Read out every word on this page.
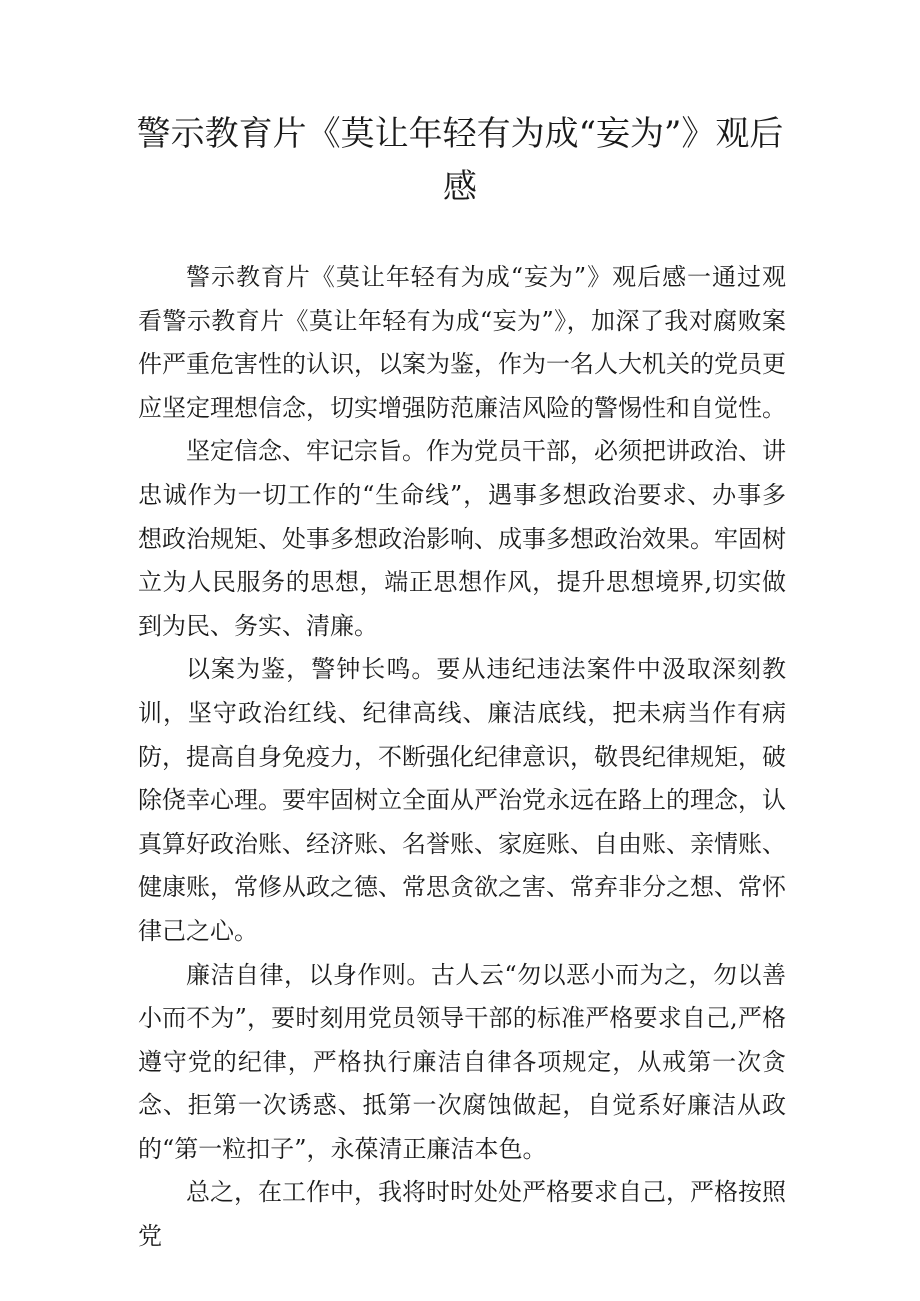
警示教育片《莫让年轻有为成“妄为”》观后感

警示教育片《莫让年轻有为成“妄为”》观后感一通过观看警示教育片《莫让年轻有为成“妄为”》，加深了我对腐败案件严重危害性的认识，以案为鉴，作为一名人大机关的党员更应坚定理想信念，切实增强防范廉洁风险的警惕性和自觉性。

坚定信念、牢记宗旨。作为党员干部，必须把讲政治、讲忠诚作为一切工作的“生命线”，遇事多想政治要求、办事多想政治规矩、处事多想政治影响、成事多想政治效果。牢固树立为人民服务的思想，端正思想作风，提升思想境界,切实做到为民、务实、清廉。

以案为鉴，警钟长鸣。要从违纪违法案件中汲取深刻教训，坚守政治红线、纪律高线、廉洁底线，把未病当作有病防，提高自身免疫力，不断强化纪律意识，敬畏纪律规矩，破除侥幸心理。要牢固树立全面从严治党永远在路上的理念，认真算好政治账、经济账、名誉账、家庭账、自由账、亲情账、健康账，常修从政之德、常思贪欲之害、常弃非分之想、常怀律己之心。

廉洁自律，以身作则。古人云“勿以恶小而为之，勿以善小而不为”，要时刻用党员领导干部的标准严格要求自己,严格遵守党的纪律，严格执行廉洁自律各项规定，从戒第一次贪念、拒第一次诱惑、抵第一次腐蚀做起，自觉系好廉洁从政的“第一粒扣子”，永葆清正廉洁本色。

总之，在工作中，我将时时处处严格要求自己，严格按照党
